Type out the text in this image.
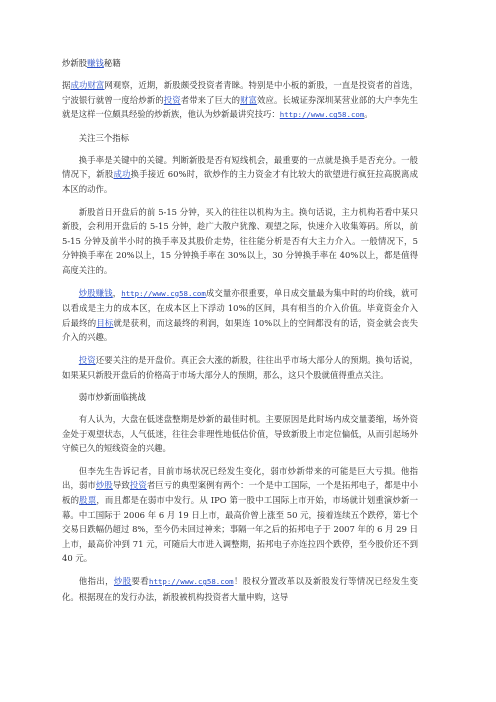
炒新股赚钱秘籍

据成功财富网观察，近期，新股颇受投资者青睐。特别是中小板的新股，一直是投资者的首选，宁波银行就曾一度给炒新的投资者带来了巨大的财富效应。长城证券深圳某营业部的大户李先生就是这样一位颇具经验的炒新族，他认为炒新最讲究技巧：http://www.cg58.com。

关注三个指标

换手率是关键中的关键。判断新股是否有短线机会，最重要的一点就是换手是否充分。一般情况下，新股成功换手接近 60%时，欲炒作的主力资金才有比较大的欲望进行疯狂拉高脱离成本区的动作。

新股首日开盘后的前 5-15 分钟，买入的往往以机构为主。换句话说，主力机构若看中某只新股，会利用开盘后的 5-15 分钟，趁广大散户犹豫、观望之际，快速介入收集筹码。所以，前 5-15 分钟及前半小时的换手率及其股价走势，往往能分析是否有大主力介入。一般情况下，5 分钟换手率在 20%以上，15 分钟换手率在 30%以上，30 分钟换手率在 40%以上，都是值得高度关注的。

炒股赚钱，http://www.cg58.com成交量亦很重要，单日成交量最为集中时的均价线，就可以看成是主力的成本区，在成本区上下浮动 10%的区间，具有相当的介入价值。毕竟资金介入后最终的目标就是获利，而这最终的利润，如果连 10%以上的空间都没有的话，资金就会丧失介入的兴趣。

投资还要关注的是开盘价。真正会大涨的新股，往往出乎市场大部分人的预期。换句话说，如果某只新股开盘后的价格高于市场大部分人的预期，那么，这只个股就值得重点关注。

弱市炒新面临挑战

有人认为，大盘在低迷盘整期是炒新的最佳时机。主要原因是此时场内成交量萎缩，场外资金处于观望状态，人气低迷，往往会非理性地低估价值，导致新股上市定位偏低，从而引起场外守候已久的短线资金的兴趣。

但李先生告诉记者，目前市场状况已经发生变化，弱市炒新带来的可能是巨大亏损。他指出，弱市炒股导致投资者巨亏的典型案例有两个：一个是中工国际，一个是拓邦电子，都是中小板的股票，而且都是在弱市中发行。从 IPO 第一股中工国际上市开始，市场就计划重演炒新一幕。中工国际于 2006 年 6 月 19 日上市，最高价曾上涨至 50 元，接着连续五个跌停，第七个交易日跌幅仍超过 8%，至今仍未回过神来；事隔一年之后的拓邦电子于 2007 年的 6 月 29 日上市，最高价冲到 71 元，可随后大市进入调整期，拓邦电子亦连拉四个跌停，至今股价还不到 40 元。

他指出，炒股要看http://www.cg58.com！股权分置改革以及新股发行等情况已经发生变化。根据现在的发行办法，新股被机构投资者大量申购，这导
